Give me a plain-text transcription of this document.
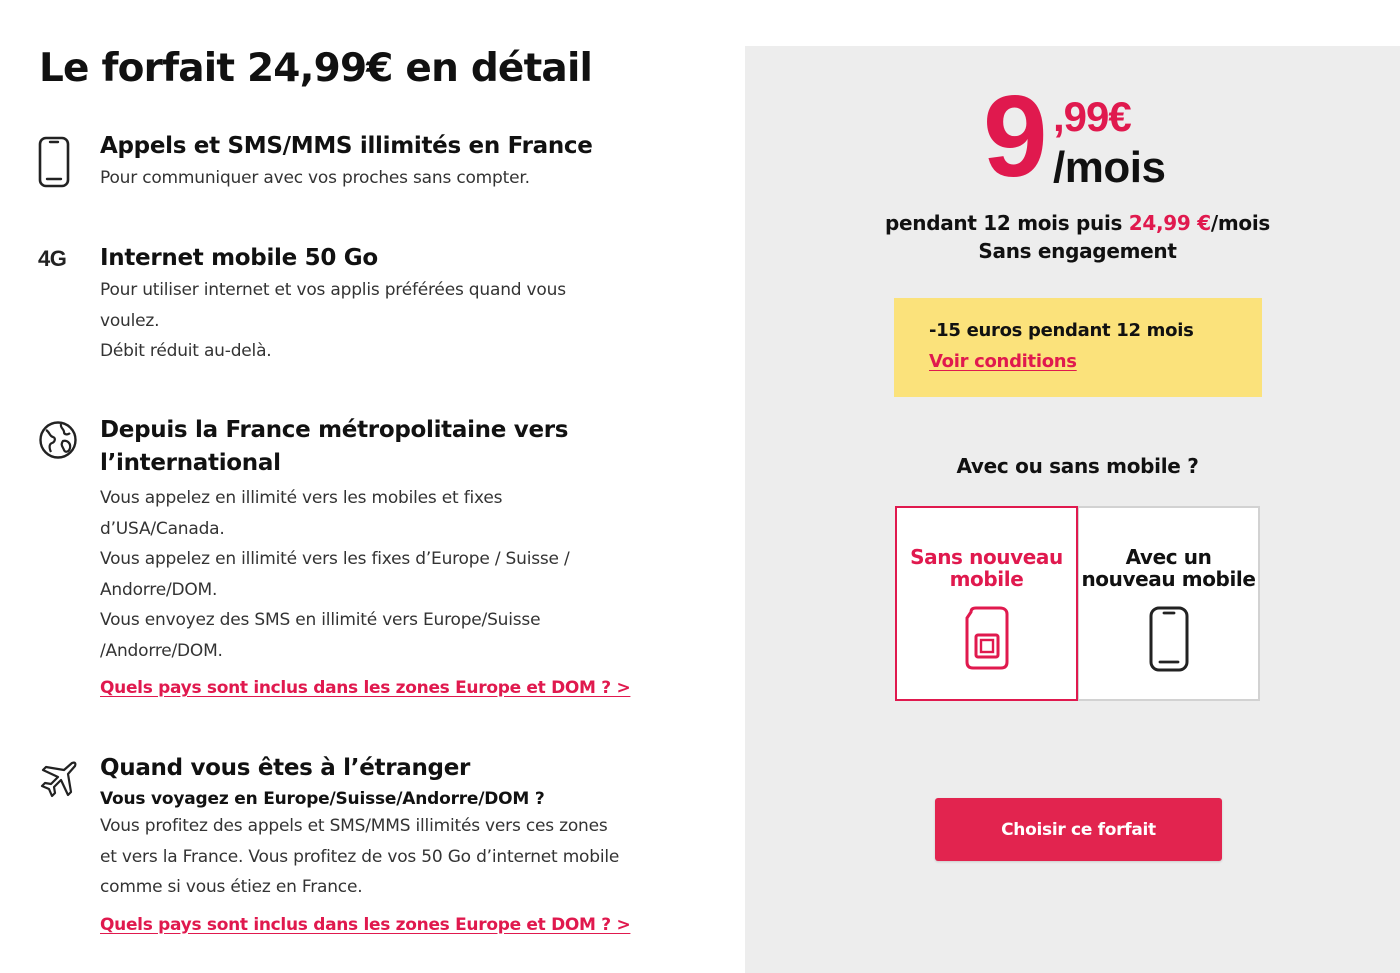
Le forfait 24,99€ en détail
Appels et SMS/MMS illimités en France
Pour communiquer avec vos proches sans compter.
4G Internet mobile 50 Go
Pour utiliser internet et vos applis préférées quand vous
voulez.
Débit réduit au-delà.
Depuis la France métropolitaine vers
l’international
Vous appelez en illimité vers les mobiles et fixes
d’USA/Canada.
Vous appelez en illimité vers les fixes d’Europe / Suisse /
Andorre/DOM.
Vous envoyez des SMS en illimité vers Europe/Suisse
/Andorre/DOM.
Quels pays sont inclus dans les zones Europe et DOM ? >
Quand vous êtes à l’étranger
Vous voyagez en Europe/Suisse/Andorre/DOM ?
Vous profitez des appels et SMS/MMS illimités vers ces zones
et vers la France. Vous profitez de vos 50 Go d’internet mobile
comme si vous étiez en France.
Quels pays sont inclus dans les zones Europe et DOM ? >
9 ,99€
/mois
pendant 12 mois puis 24,99 €/mois
Sans engagement
-15 euros pendant 12 mois
Voir conditions
Avec ou sans mobile ?
Sans nouveau
mobile
Avec un
nouveau mobile
Choisir ce forfait
